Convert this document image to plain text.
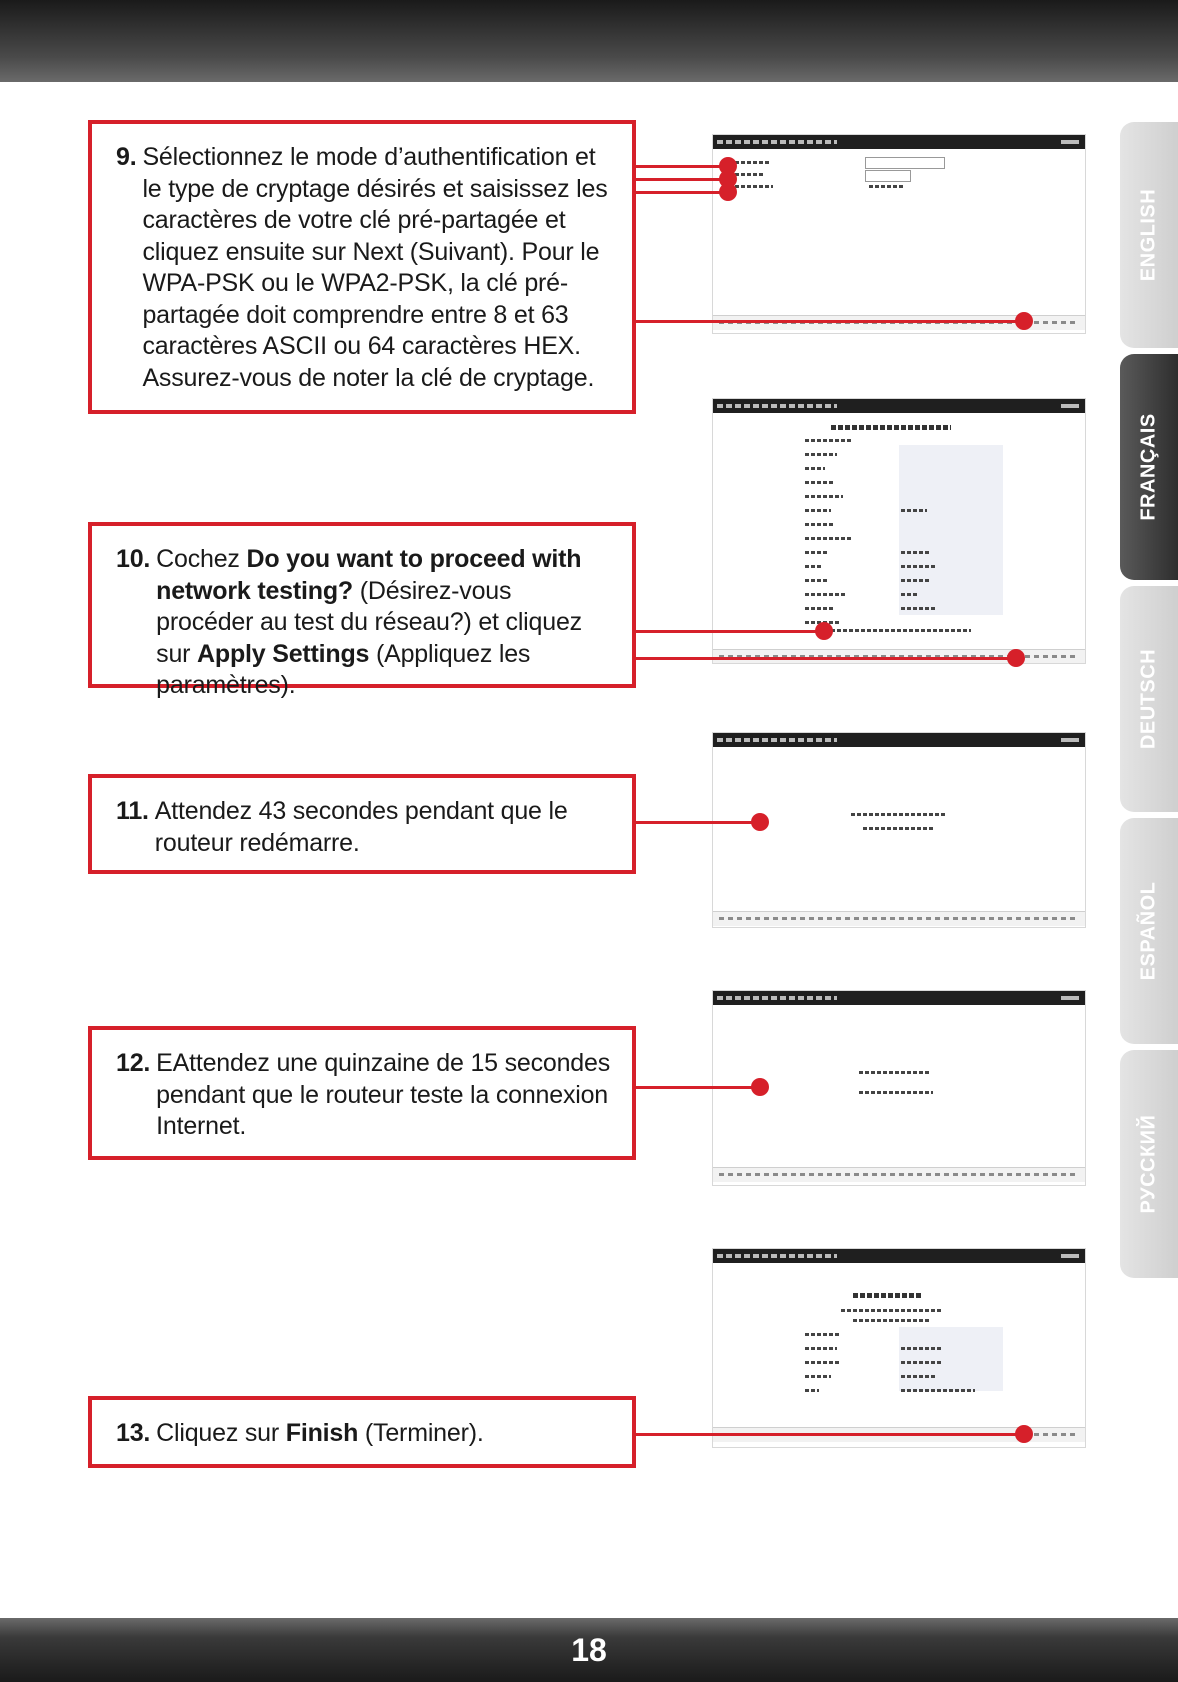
ENGLISH
FRANÇAIS
DEUTSCH
ESPAÑOL
РУССКИЙ
9. Sélectionnez le mode d’authentification et le type de cryptage désirés et saisissez les caractères de votre clé pré-partagée et cliquez ensuite sur Next (Suivant). Pour le WPA-PSK ou le WPA2-PSK, la clé pré-partagée doit comprendre entre 8 et 63 caractères ASCII ou 64 caractères HEX. Assurez-vous de noter la clé de cryptage.
10. Cochez Do you want to proceed with network testing? (Désirez-vous procéder au test du réseau?) et cliquez sur Apply Settings (Appliquez les paramètres).
11. Attendez 43 secondes pendant que le routeur redémarre.
12. EAttendez une quinzaine de 15 secondes pendant que le routeur teste la connexion Internet.
13. Cliquez sur Finish (Terminer).
18
